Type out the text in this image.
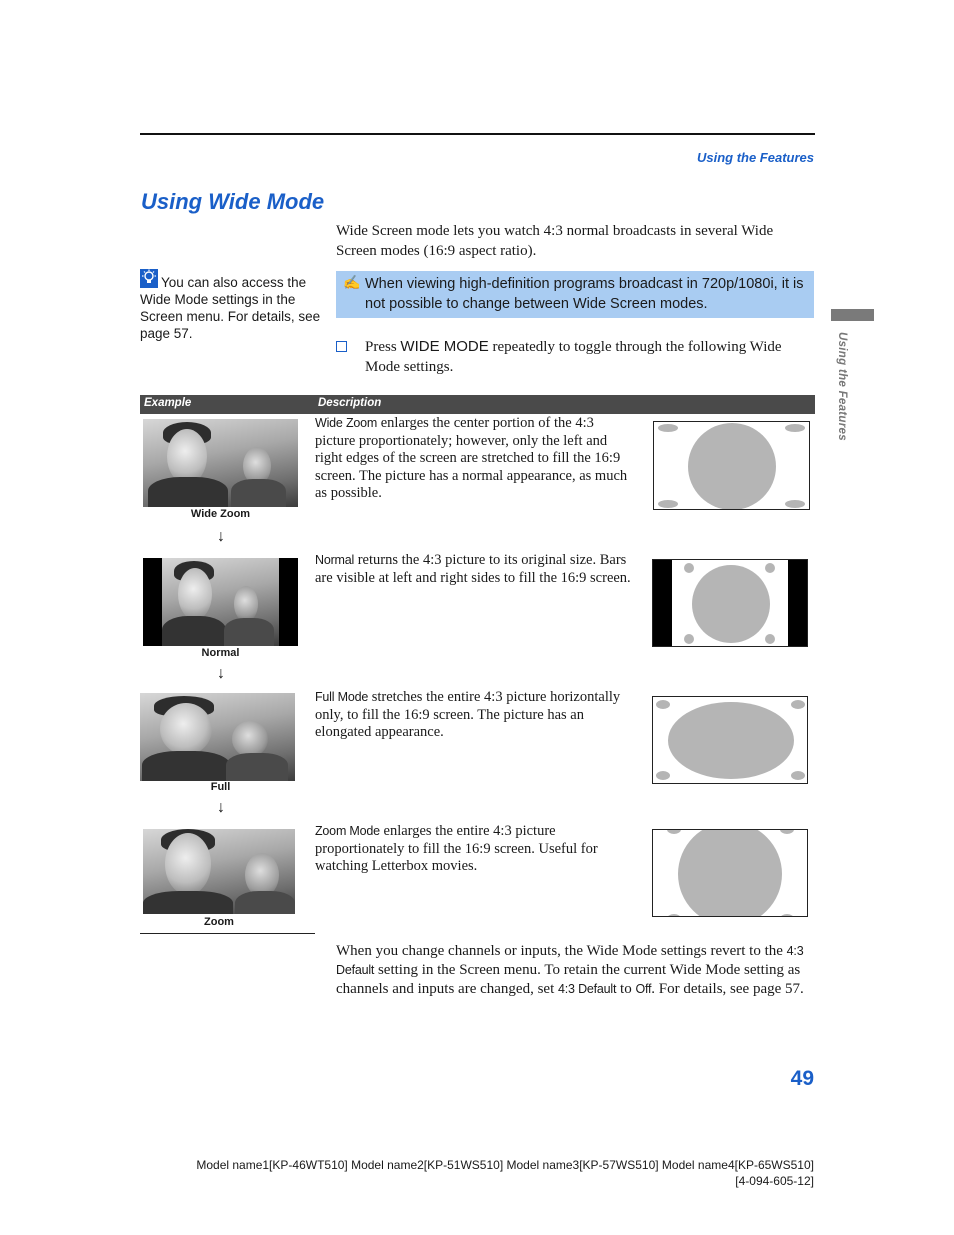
Using the Features
Using Wide Mode
Wide Screen mode lets you watch 4:3 normal broadcasts in several Wide Screen modes (16:9 aspect ratio).
You can also access the Wide Mode settings in the Screen menu. For details, see page 57.
✍ When viewing high-definition programs broadcast in 720p/1080i, it is not possible to change between Wide Screen modes.
Press WIDE MODE repeatedly to toggle through the following Wide Mode settings.
Example	Description
Wide Zoom
↓
Wide Zoom enlarges the center portion of the 4:3 picture proportionately; however, only the left and right edges of the screen are stretched to fill the 16:9 screen. The picture has a normal appearance, as much as possible.
Normal
↓
Normal returns the 4:3 picture to its original size. Bars are visible at left and right sides to fill the 16:9 screen.
Full
↓
Full Mode stretches the entire 4:3 picture horizontally only, to fill the 16:9 screen. The picture has an elongated appearance.
Zoom
Zoom Mode enlarges the entire 4:3 picture proportionately to fill the 16:9 screen. Useful for watching Letterbox movies.
When you change channels or inputs, the Wide Mode settings revert to the 4:3 Default setting in the Screen menu. To retain the current Wide Mode setting as channels and inputs are changed, set 4:3 Default to Off. For details, see page 57.
Using the Features
49
Model name1[KP-46WT510] Model name2[KP-51WS510] Model name3[KP-57WS510] Model name4[KP-65WS510]
[4-094-605-12]
